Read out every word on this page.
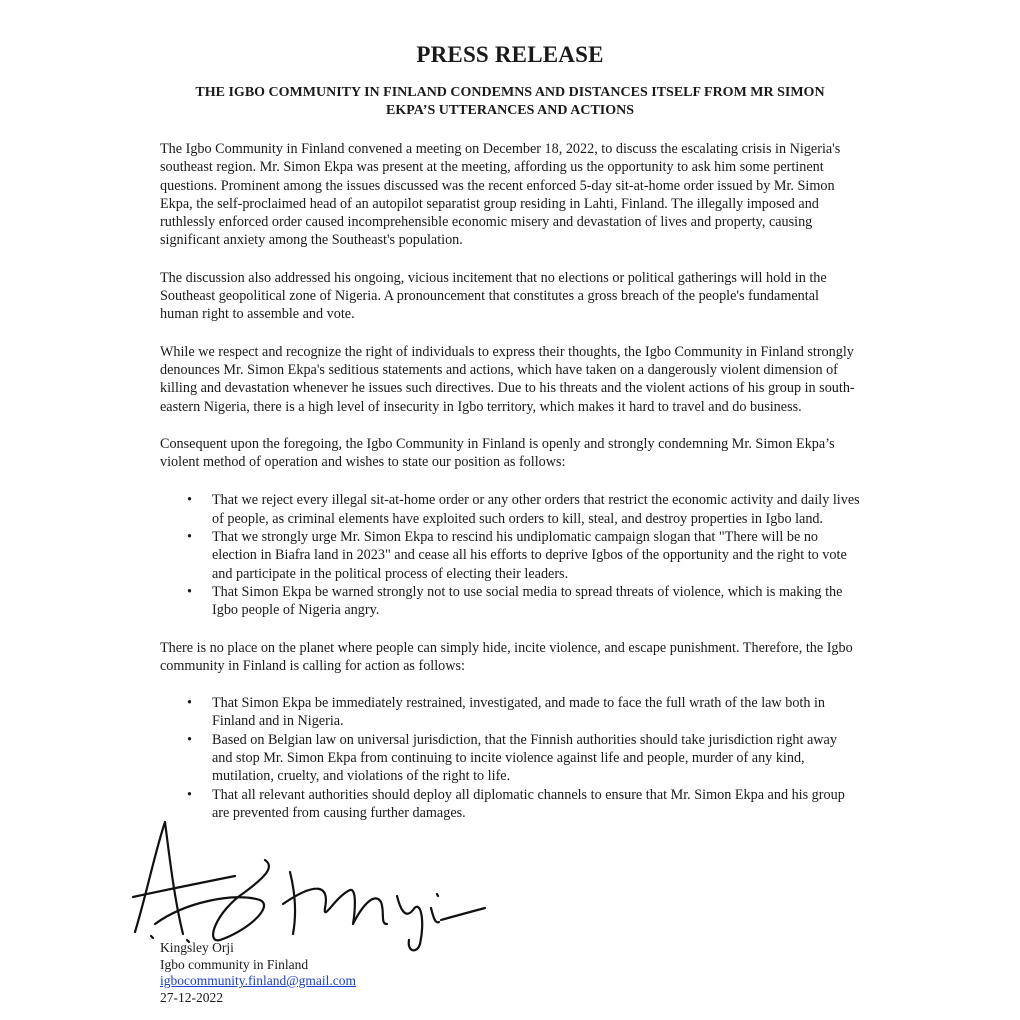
PRESS RELEASE
THE IGBO COMMUNITY IN FINLAND CONDEMNS AND DISTANCES ITSELF FROM MR SIMON EKPA’S UTTERANCES AND ACTIONS

The Igbo Community in Finland convened a meeting on December 18, 2022, to discuss the escalating crisis in Nigeria's southeast region. Mr. Simon Ekpa was present at the meeting, affording us the opportunity to ask him some pertinent questions. Prominent among the issues discussed was the recent enforced 5-day sit-at-home order issued by Mr. Simon Ekpa, the self-proclaimed head of an autopilot separatist group residing in Lahti, Finland. The illegally imposed and ruthlessly enforced order caused incomprehensible economic misery and devastation of lives and property, causing significant anxiety among the Southeast's population.

The discussion also addressed his ongoing, vicious incitement that no elections or political gatherings will hold in the Southeast geopolitical zone of Nigeria. A pronouncement that constitutes a gross breach of the people's fundamental human right to assemble and vote.

While we respect and recognize the right of individuals to express their thoughts, the Igbo Community in Finland strongly denounces Mr. Simon Ekpa's seditious statements and actions, which have taken on a dangerously violent dimension of killing and devastation whenever he issues such directives. Due to his threats and the violent actions of his group in south-eastern Nigeria, there is a high level of insecurity in Igbo territory, which makes it hard to travel and do business.

Consequent upon the foregoing, the Igbo Community in Finland is openly and strongly condemning Mr. Simon Ekpa’s violent method of operation and wishes to state our position as follows:

• That we reject every illegal sit-at-home order or any other orders that restrict the economic activity and daily lives of people, as criminal elements have exploited such orders to kill, steal, and destroy properties in Igbo land.
• That we strongly urge Mr. Simon Ekpa to rescind his undiplomatic campaign slogan that "There will be no election in Biafra land in 2023" and cease all his efforts to deprive Igbos of the opportunity and the right to vote and participate in the political process of electing their leaders.
• That Simon Ekpa be warned strongly not to use social media to spread threats of violence, which is making the Igbo people of Nigeria angry.

There is no place on the planet where people can simply hide, incite violence, and escape punishment. Therefore, the Igbo community in Finland is calling for action as follows:

• That Simon Ekpa be immediately restrained, investigated, and made to face the full wrath of the law both in Finland and in Nigeria.
• Based on Belgian law on universal jurisdiction, that the Finnish authorities should take jurisdiction right away and stop Mr. Simon Ekpa from continuing to incite violence against life and people, murder of any kind, mutilation, cruelty, and violations of the right to life.
• That all relevant authorities should deploy all diplomatic channels to ensure that Mr. Simon Ekpa and his group are prevented from causing further damages.
Kingsley Orji
Igbo community in Finland
igbocommunity.finland@gmail.com
27-12-2022
